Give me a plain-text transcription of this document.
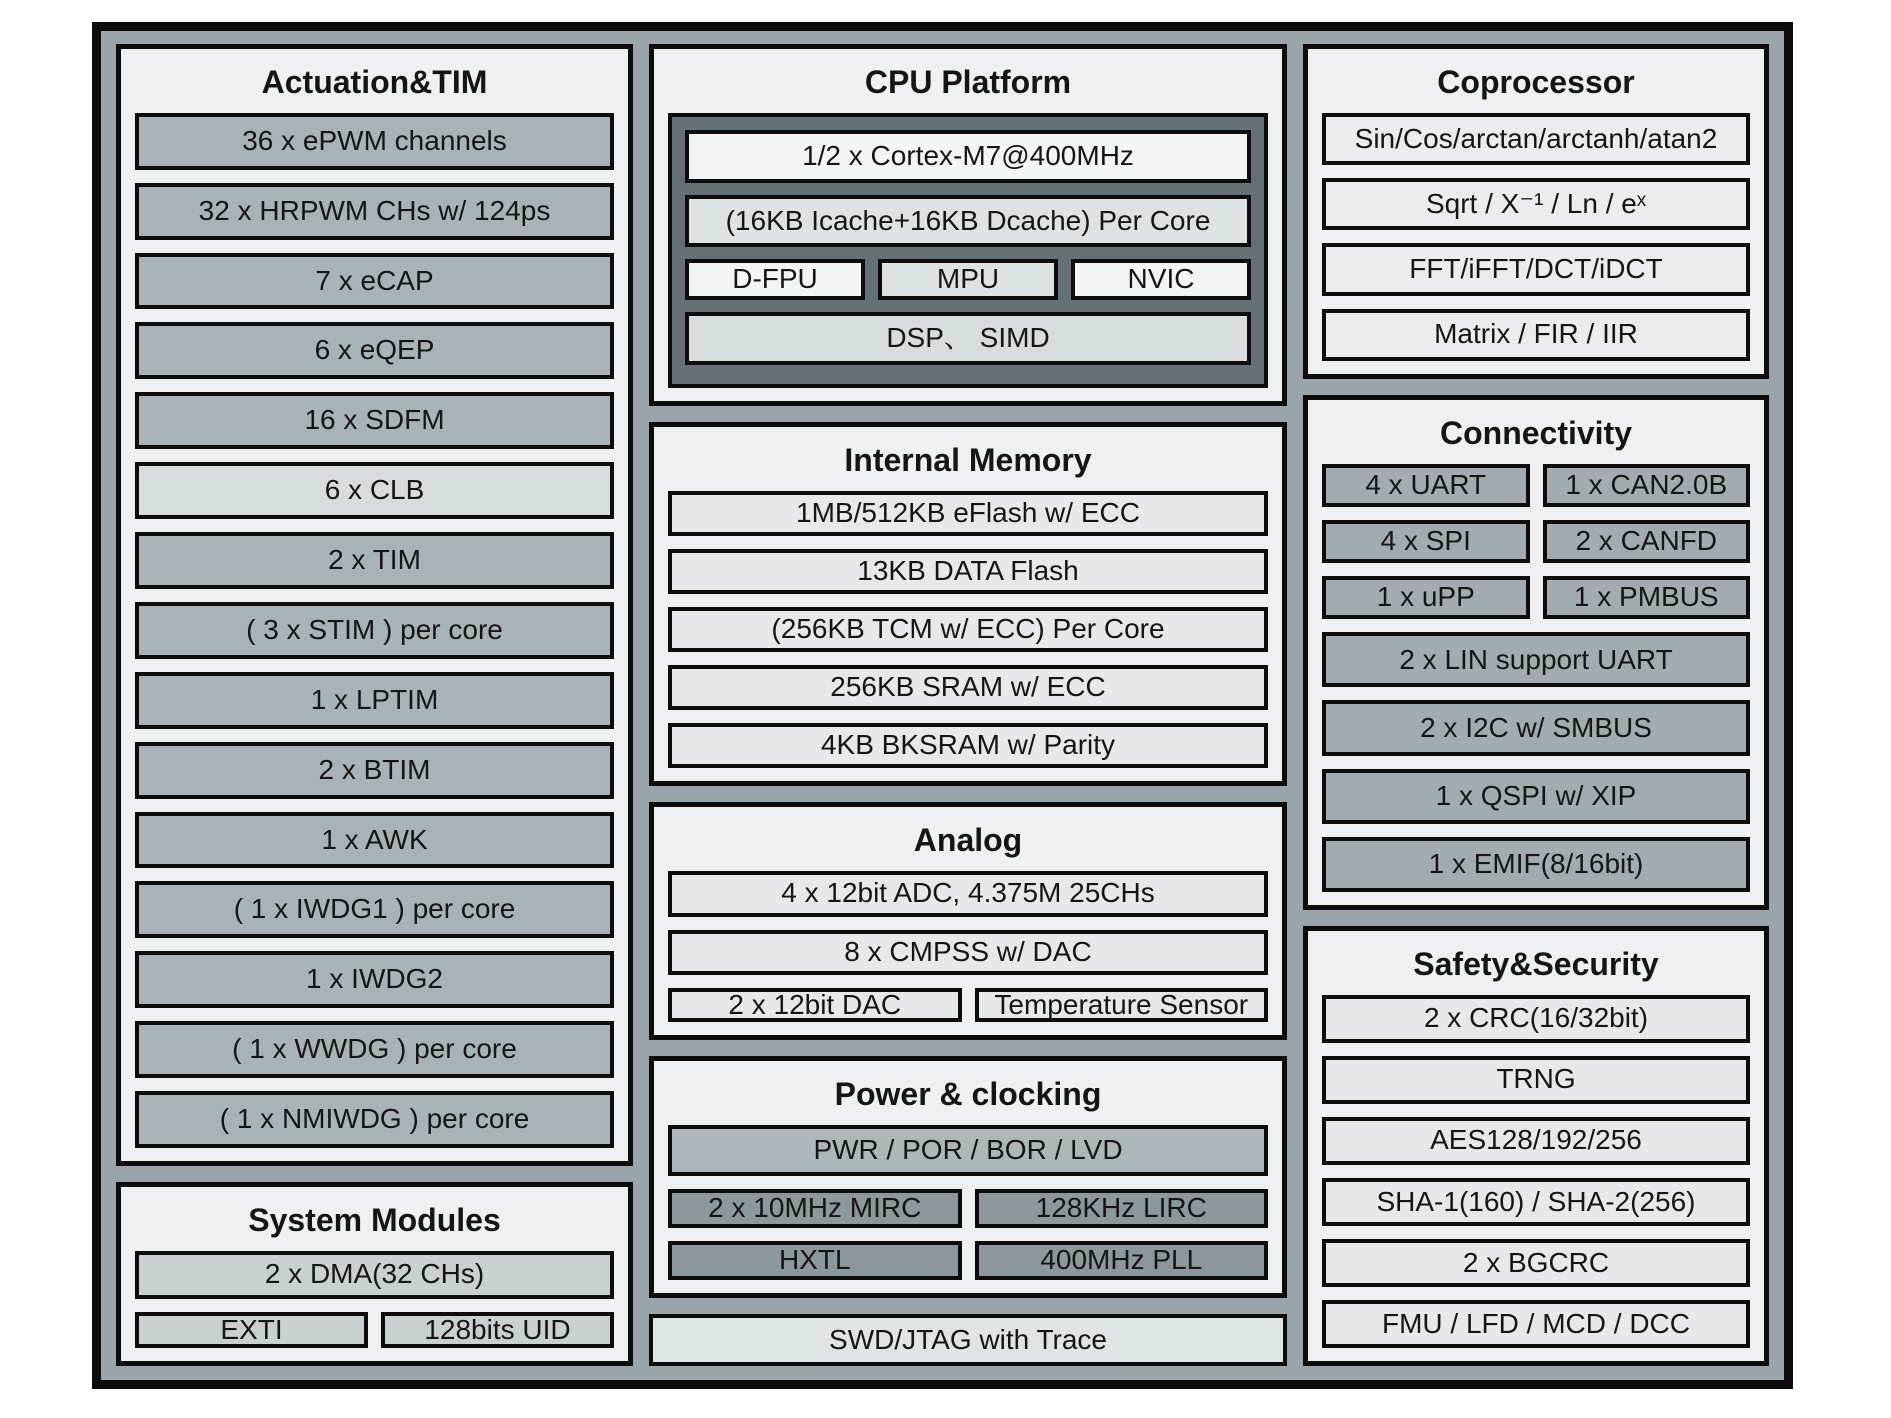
Actuation&TIM
36 x ePWM channels
32 x HRPWM CHs w/ 124ps
7 x eCAP
6 x eQEP
16 x SDFM
6 x CLB
2 x TIM
( 3 x STIM ) per core
1 x LPTIM
2 x BTIM
1 x AWK
( 1 x IWDG1 ) per core
1 x IWDG2
( 1 x WWDG ) per core
( 1 x NMIWDG ) per core
System Modules
2 x DMA(32 CHs)
EXTI	128bits UID
CPU Platform
1/2 x Cortex-M7@400MHz
(16KB Icache+16KB Dcache) Per Core
D-FPU	MPU	NVIC
DSP、 SIMD
Internal Memory
1MB/512KB eFlash w/ ECC
13KB DATA Flash
(256KB TCM w/ ECC) Per Core
256KB SRAM w/ ECC
4KB BKSRAM w/ Parity
Analog
4 x 12bit ADC, 4.375M 25CHs
8 x CMPSS w/ DAC
2 x 12bit DAC	Temperature Sensor
Power & clocking
PWR / POR / BOR / LVD
2 x 10MHz MIRC	128KHz LIRC
HXTL	400MHz PLL
SWD/JTAG with Trace
Coprocessor
Sin/Cos/arctan/arctanh/atan2
Sqrt / X⁻¹ / Ln / eˣ
FFT/iFFT/DCT/iDCT
Matrix / FIR / IIR
Connectivity
4 x UART	1 x CAN2.0B
4 x SPI	2 x CANFD
1 x uPP	1 x PMBUS
2 x LIN support UART
2 x I2C w/ SMBUS
1 x QSPI w/ XIP
1 x EMIF(8/16bit)
Safety&Security
2 x CRC(16/32bit)
TRNG
AES128/192/256
SHA-1(160) / SHA-2(256)
2 x BGCRC
FMU / LFD / MCD / DCC
